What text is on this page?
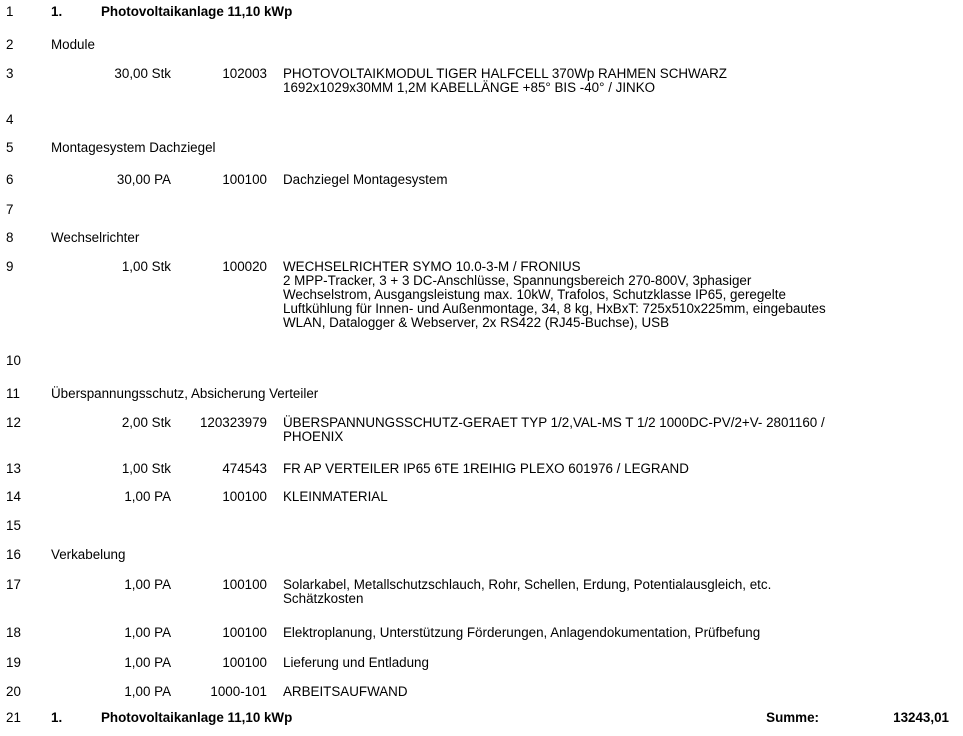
1	1.	Photovoltaikanlage 11,10 kWp
2	Module
3	30,00 Stk	102003 PHOTOVOLTAIKMODUL TIGER HALFCELL 370Wp RAHMEN SCHWARZ
1692x1029x30MM 1,2M KABELLÄNGE +85° BIS -40° / JINKO
4
5	Montagesystem Dachziegel
6	30,00 PA	100100 Dachziegel Montagesystem
7
8	Wechselrichter
9	1,00 Stk	100020 WECHSELRICHTER SYMO 10.0-3-M / FRONIUS
2 MPP-Tracker, 3 + 3 DC-Anschlüsse, Spannungsbereich 270-800V, 3phasiger
Wechselstrom, Ausgangsleistung max. 10kW, Trafolos, Schutzklasse IP65, geregelte
Luftkühlung für Innen- und Außenmontage, 34, 8 kg, HxBxT: 725x510x225mm, eingebautes
WLAN, Datalogger & Webserver, 2x RS422 (RJ45-Buchse), USB
10
11 Überspannungsschutz, Absicherung Verteiler
12	2,00 Stk 120323979 ÜBERSPANNUNGSSCHUTZ-GERAET TYP 1/2,VAL-MS T 1/2 1000DC-PV/2+V- 2801160 /
PHOENIX
13	1,00 Stk	474543 FR AP VERTEILER IP65 6TE 1REIHIG PLEXO 601976 / LEGRAND
14	1,00 PA	100100 KLEINMATERIAL
15
16 Verkabelung
17	1,00 PA	100100 Solarkabel, Metallschutzschlauch, Rohr, Schellen, Erdung, Potentialausgleich, etc.
Schätzkosten
18	1,00 PA	100100 Elektroplanung, Unterstützung Förderungen, Anlagendokumentation, Prüfbefung
19	1,00 PA	100100 Lieferung und Entladung
20	1,00 PA	1000-101 ARBEITSAUFWAND
21 1.	Photovoltaikanlage 11,10 kWp	Summe:	13243,01
